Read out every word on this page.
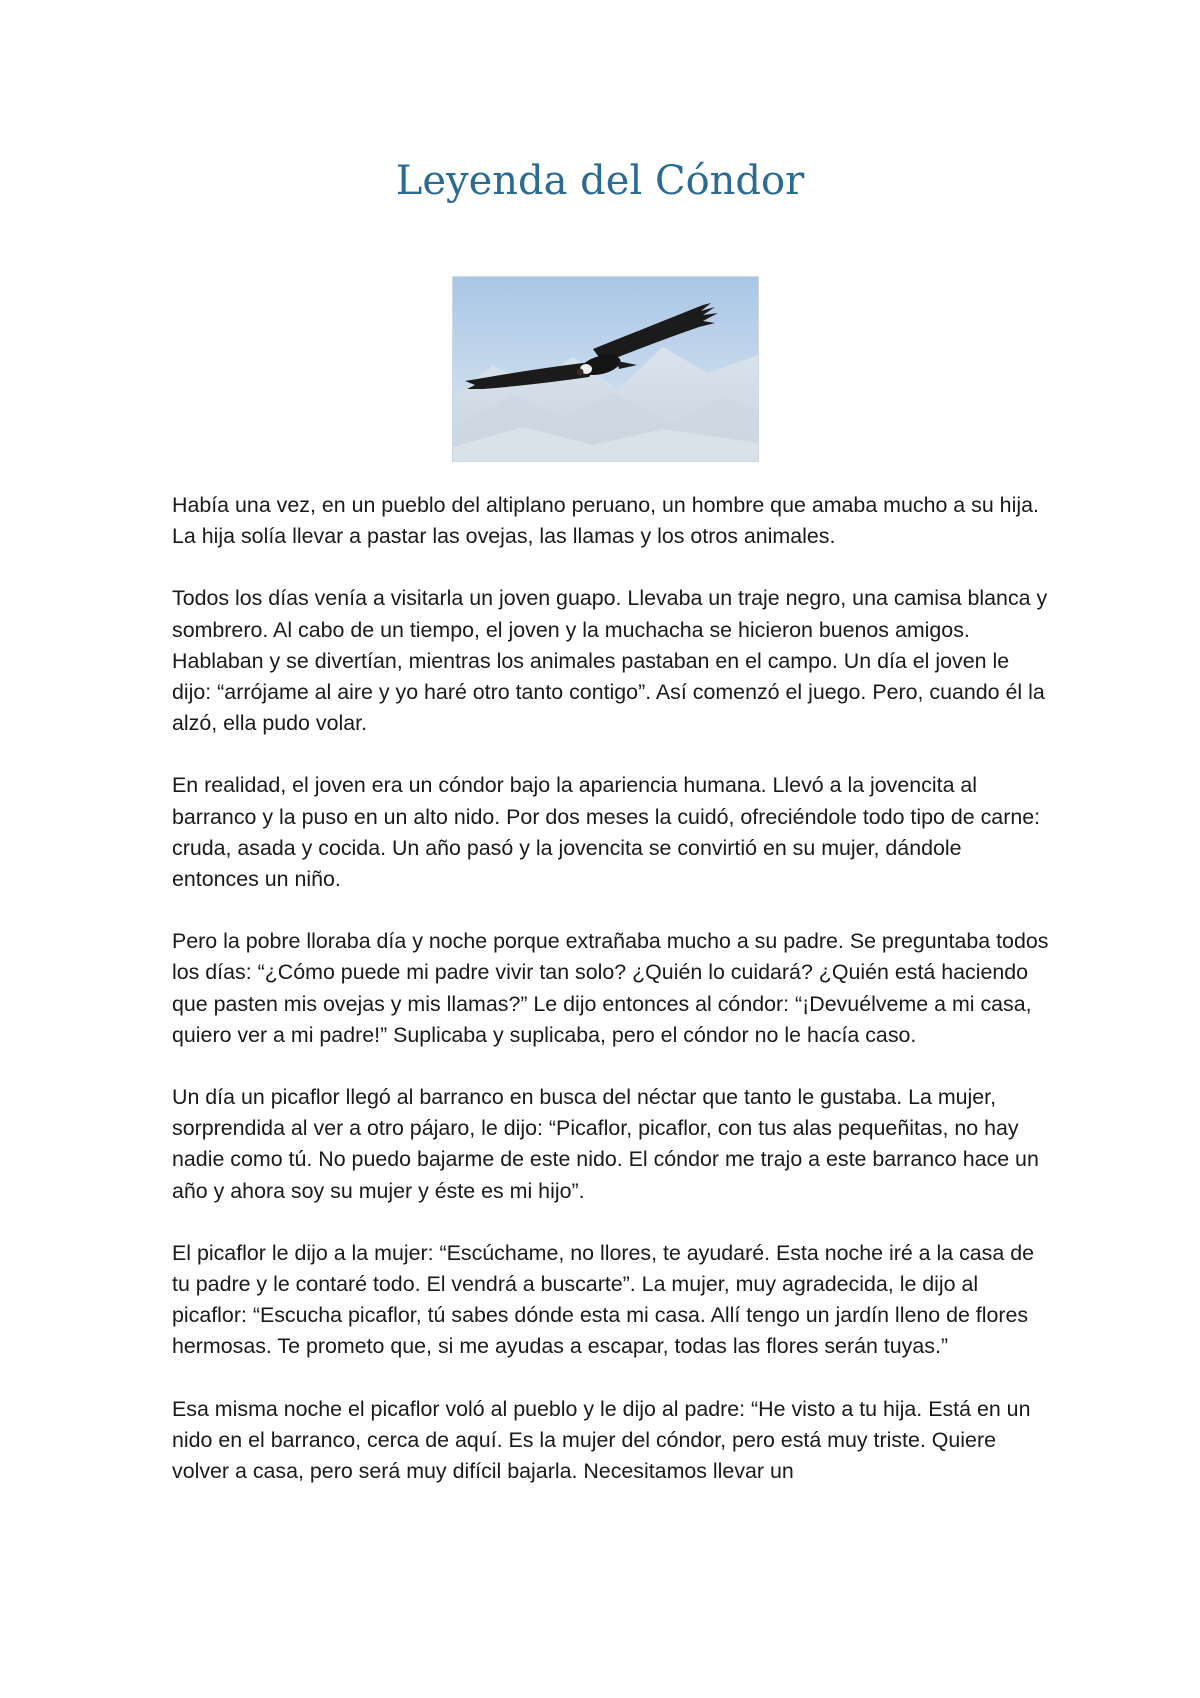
Leyenda del Cóndor

Había una vez, en un pueblo del altiplano peruano, un hombre que amaba mucho a su hija. La hija solía llevar a pastar las ovejas, las llamas y los otros animales.

Todos los días venía a visitarla un joven guapo. Llevaba un traje negro, una camisa blanca y sombrero. Al cabo de un tiempo, el joven y la muchacha se hicieron buenos amigos. Hablaban y se divertían, mientras los animales pastaban en el campo. Un día el joven le dijo: “arrójame al aire y yo haré otro tanto contigo”. Así comenzó el juego. Pero, cuando él la alzó, ella pudo volar.

En realidad, el joven era un cóndor bajo la apariencia humana. Llevó a la jovencita al barranco y la puso en un alto nido. Por dos meses la cuidó, ofreciéndole todo tipo de carne: cruda, asada y cocida. Un año pasó y la jovencita se convirtió en su mujer, dándole entonces un niño.

Pero la pobre lloraba día y noche porque extrañaba mucho a su padre. Se preguntaba todos los días: “¿Cómo puede mi padre vivir tan solo? ¿Quién lo cuidará? ¿Quién está haciendo que pasten mis ovejas y mis llamas?” Le dijo entonces al cóndor: “¡Devuélveme a mi casa, quiero ver a mi padre!” Suplicaba y suplicaba, pero el cóndor no le hacía caso.

Un día un picaflor llegó al barranco en busca del néctar que tanto le gustaba. La mujer, sorprendida al ver a otro pájaro, le dijo: “Picaflor, picaflor, con tus alas pequeñitas, no hay nadie como tú. No puedo bajarme de este nido. El cóndor me trajo a este barranco hace un año y ahora soy su mujer y éste es mi hijo”.

El picaflor le dijo a la mujer: “Escúchame, no llores, te ayudaré. Esta noche iré a la casa de tu padre y le contaré todo. El vendrá a buscarte”. La mujer, muy agradecida, le dijo al picaflor: “Escucha picaflor, tú sabes dónde esta mi casa. Allí tengo un jardín lleno de flores hermosas. Te prometo que, si me ayudas a escapar, todas las flores serán tuyas.”

Esa misma noche el picaflor voló al pueblo y le dijo al padre: “He visto a tu hija. Está en un nido en el barranco, cerca de aquí. Es la mujer del cóndor, pero está muy triste. Quiere volver a casa, pero será muy difícil bajarla. Necesitamos llevar un
